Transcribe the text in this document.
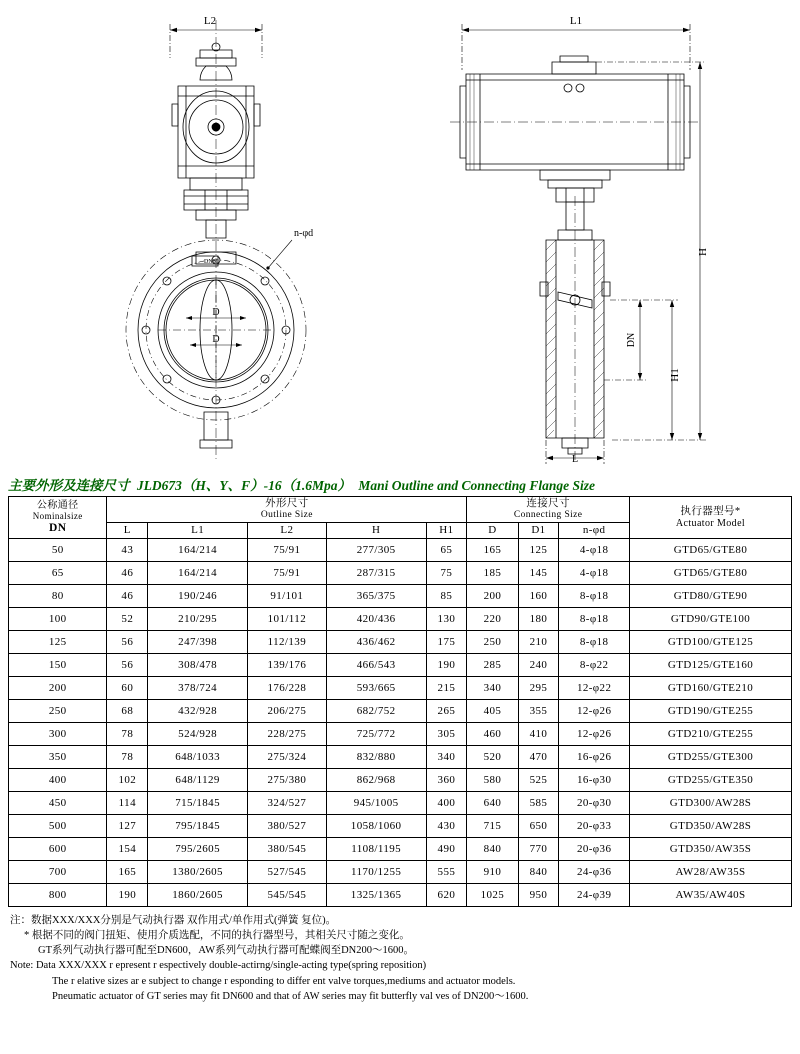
L2	L1
n-φd
D
D
DN80
L
H
H1
DN
主要外形及连接尺寸 JLD673（H、Y、F）-16（1.6Mpa） Mani Outline and Connecting Flange Size
公称通径
Nominalsize
DN	外形尺寸
Outline Size					连接尺寸
Connecting Size			执行器型号*
Actuator Model

	L	L1	L2	H	H1	D	D1	n-φd	
50	43	164/214	75/91	277/305	65	165	125	4-φ18	GTD65/GTE80
65	46	164/214	75/91	287/315	75	185	145	4-φ18	GTD65/GTE80
80	46	190/246	91/101	365/375	85	200	160	8-φ18	GTD80/GTE90
100	52	210/295	101/112	420/436	130	220	180	8-φ18	GTD90/GTE100
125	56	247/398	112/139	436/462	175	250	210	8-φ18	GTD100/GTE125
150	56	308/478	139/176	466/543	190	285	240	8-φ22	GTD125/GTE160
200	60	378/724	176/228	593/665	215	340	295	12-φ22	GTD160/GTE210
250	68	432/928	206/275	682/752	265	405	355	12-φ26	GTD190/GTE255
300	78	524/928	228/275	725/772	305	460	410	12-φ26	GTD210/GTE255
350	78	648/1033	275/324	832/880	340	520	470	16-φ26	GTD255/GTE300
400	102	648/1129	275/380	862/968	360	580	525	16-φ30	GTD255/GTE350
450	114	715/1845	324/527	945/1005	400	640	585	20-φ30	GTD300/AW28S
500	127	795/1845	380/527	1058/1060	430	715	650	20-φ33	GTD350/AW28S
600	154	795/2605	380/545	1108/1195	490	840	770	20-φ36	GTD350/AW35S
700	165	1380/2605	527/545	1170/1255	555	910	840	24-φ36	AW28/AW35S
800	190	1860/2605	545/545	1325/1365	620	1025	950	24-φ39	AW35/AW40S
注：数据XXX/XXX分别是气动执行器 双作用式/单作用式(弹簧 复位)。
* 根据不同的阀门扭矩、使用介质选配，不同的执行器型号，其相关尺寸随之变化。
GT系列气动执行器可配至DN600，AW系列气动执行器可配蝶阀至DN200～1600。
Note: Data XXX/XXX r epresent r espectively double-actirng/single-acting type(spring reposition)
The r elative sizes ar e subject to change r esponding to differ ent valve torques,mediums and actuator models.
Pneumatic actuator of GT series may fit DN600 and that of AW series may fit butterfly val ves of DN200～1600.
